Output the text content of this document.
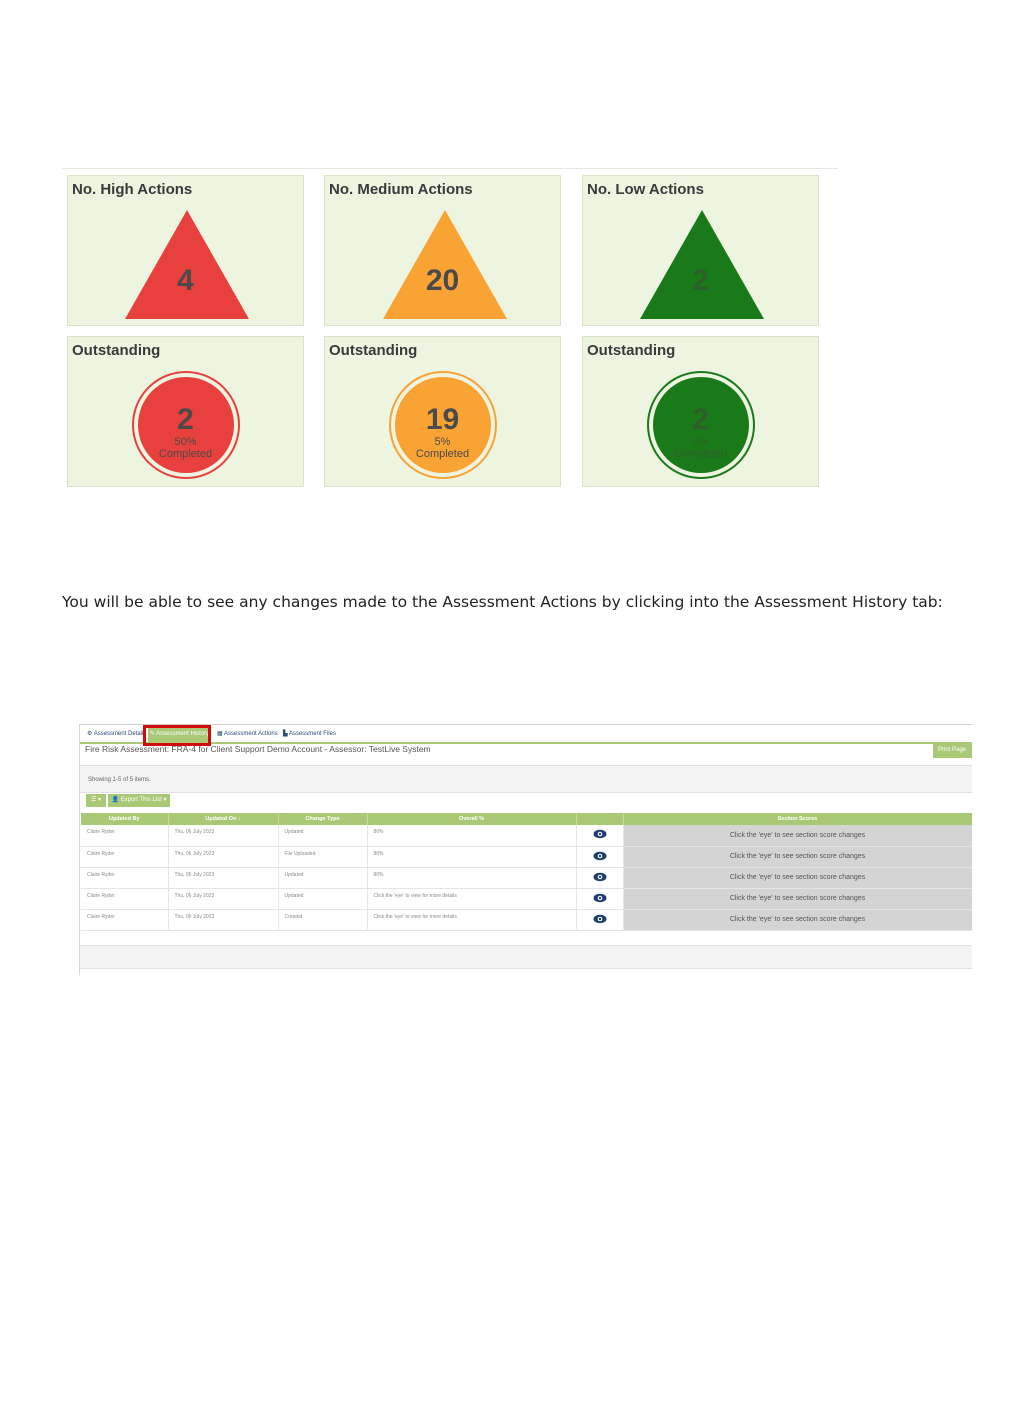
No. High Actions
4
No. Medium Actions
20
No. Low Actions
2
Outstanding
2
50%
Completed
Outstanding
19
5%
Completed
Outstanding
2
0%
Completed
You will be able to see any changes made to the Assessment Actions by clicking into the Assessment History tab:
⚙ Assessment Details ✎ Assessment History	▦ Assessment Actions ▙ Assessment Files
Fire Risk Assessment: FRA-4 for Client Support Demo Account - Assessor: TestLive System	Print Page
Showing 1-5 of 5 items.
☰ ▾	👤 Export This List ▾
Updated By	Updated On ↓	Change Type	Overall %		Section Scores
Claire Ryder	Thu, 06 July 2023	Updated	80%		Click the 'eye' to see section score changes
Claire Ryder	Thu, 06 July 2023	File Uploaded	80%		Click the 'eye' to see section score changes
Claire Ryder	Thu, 06 July 2023	Updated	80%		Click the 'eye' to see section score changes
Claire Ryder	Thu, 06 July 2023	Updated	Click the 'eye' to view for more details		Click the 'eye' to see section score changes
Claire Ryder	Thu, 06 July 2023	Created	Click the 'eye' to view for more details		Click the 'eye' to see section score changes
